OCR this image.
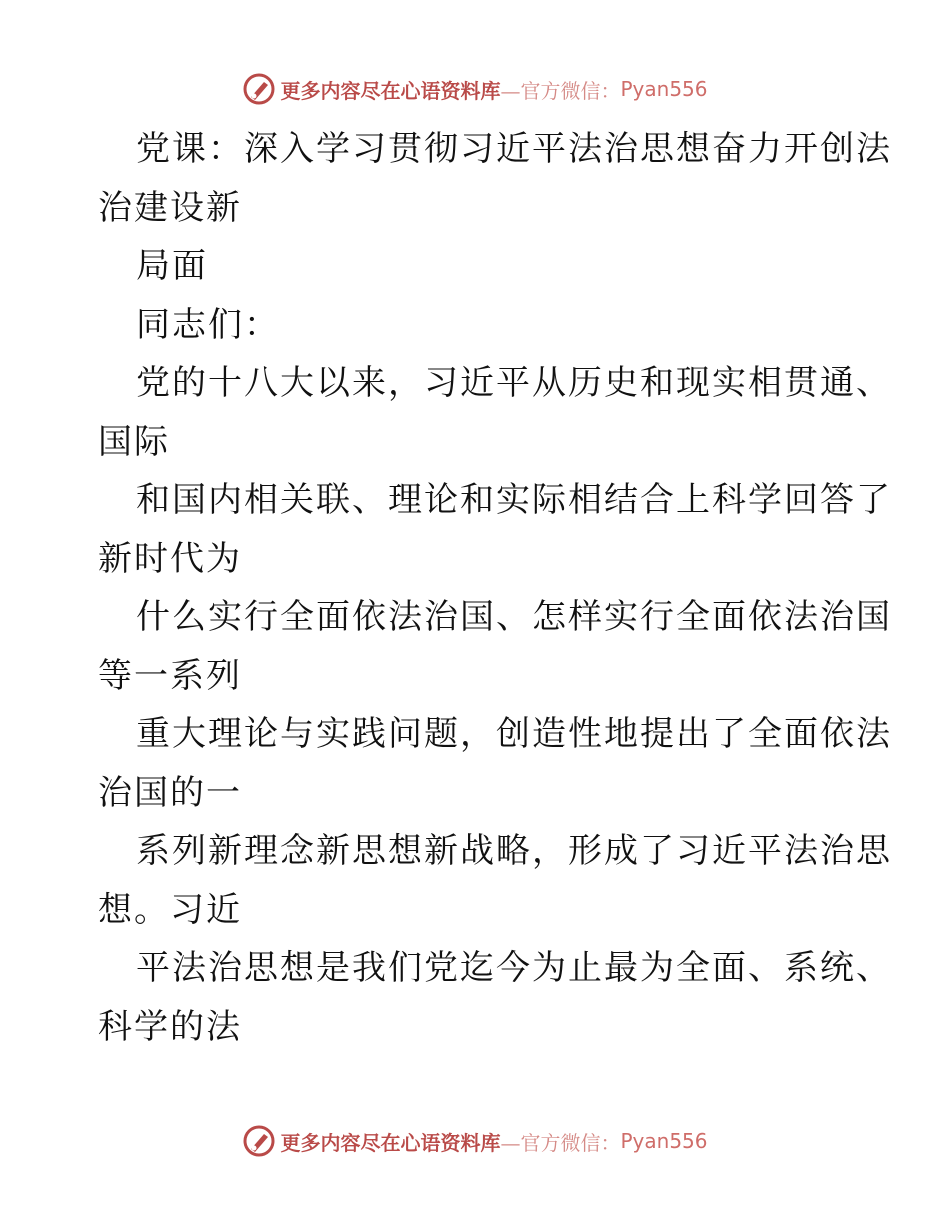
更多内容尽在心语资料库 —官方微信： Pyan556
党课：深入学习贯彻习近平法治思想奋力开创法
治建设新
局面
同志们：
党的十八大以来，习近平从历史和现实相贯通、
国际
和国内相关联、理论和实际相结合上科学回答了
新时代为
什么实行全面依法治国、怎样实行全面依法治国
等一系列
重大理论与实践问题，创造性地提出了全面依法
治国的一
系列新理念新思想新战略，形成了习近平法治思
想。习近
平法治思想是我们党迄今为止最为全面、系统、
科学的法
更多内容尽在心语资料库 —官方微信： Pyan556
